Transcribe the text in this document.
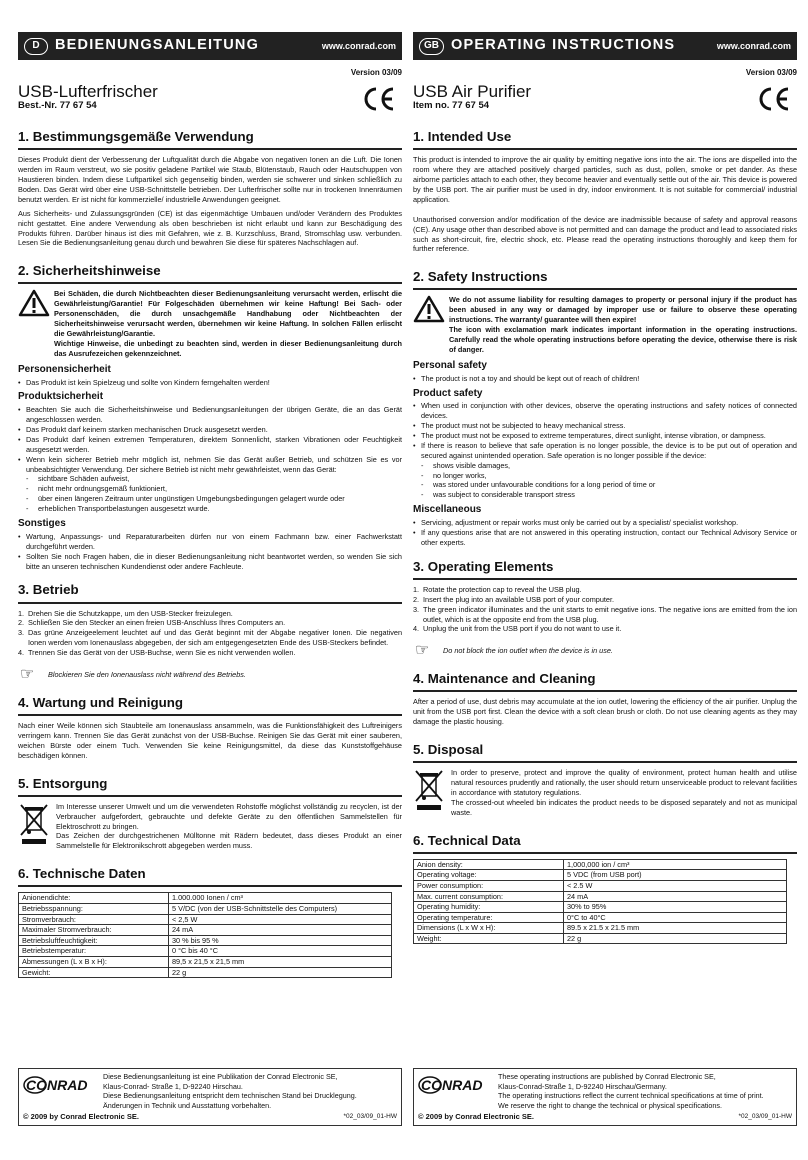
D	BEDIENUNGSANLEITUNG	www.conrad.com
Version 03/09
USB-Lufterfrischer
Best.-Nr. 77 67 54
1. Bestimmungsgemäße Verwendung

Dieses Produkt dient der Verbesserung der Luftqualität durch die Abgabe von negativen Ionen an die Luft. Die Ionen werden im Raum verstreut, wo sie positiv geladene Partikel wie Staub, Blütenstaub, Rauch oder Hautschuppen von Haustieren binden. Indem diese Luftpartikel sich gegenseitig binden, werden sie schwerer und sinken schließlich zu Boden. Das Gerät wird über eine USB-Schnittstelle betrieben. Der Lufterfrischer sollte nur in trockenen Innenräumen benutzt werden. Er ist nicht für kommerzielle/ industrielle Anwendungen geeignet.

Aus Sicherheits- und Zulassungsgründen (CE) ist das eigenmächtige Umbauen und/oder Verändern des Produktes nicht gestattet. Eine andere Verwendung als oben beschrieben ist nicht erlaubt und kann zur Beschädigung des Produkts führen. Darüber hinaus ist dies mit Gefahren, wie z. B. Kurzschluss, Brand, Stromschlag usw. verbunden. Lesen Sie die Bedienungsanleitung genau durch und bewahren Sie diese für späteres Nachschlagen auf.

2. Sicherheitshinweise
Bei Schäden, die durch Nichtbeachten dieser Bedienungsanleitung verursacht werden, erlischt die Gewährleistung/Garantie! Für Folgeschäden übernehmen wir keine Haftung! Bei Sach- oder Personenschäden, die durch unsachgemäße Handhabung oder Nichtbeachten der Sicherheitshinweise verursacht werden, übernehmen wir keine Haftung. In solchen Fällen erlischt die Gewährleistung/Garantie.
Wichtige Hinweise, die unbedingt zu beachten sind, werden in dieser Bedienungsanleitung durch das Ausrufezeichen gekennzeichnet.
Personensicherheit
• Das Produkt ist kein Spielzeug und sollte von Kindern ferngehalten werden!
Produktsicherheit
• Beachten Sie auch die Sicherheitshinweise und Bedienungsanleitungen der übrigen Geräte, die an das Gerät angeschlossen werden.
• Das Produkt darf keinem starken mechanischen Druck ausgesetzt werden.
• Das Produkt darf keinen extremen Temperaturen, direktem Sonnenlicht, starken Vibrationen oder Feuchtigkeit ausgesetzt werden.
• Wenn kein sicherer Betrieb mehr möglich ist, nehmen Sie das Gerät außer Betrieb, und schützen Sie es vor unbeabsichtigter Verwendung. Der sichere Betrieb ist nicht mehr gewährleistet, wenn das Gerät:
- sichtbare Schäden aufweist,
- nicht mehr ordnungsgemäß funktioniert,
- über einen längeren Zeitraum unter ungünstigen Umgebungsbedingungen gelagert wurde oder
- erheblichen Transportbelastungen ausgesetzt wurde.
Sonstiges
• Wartung, Anpassungs- und Reparaturarbeiten dürfen nur von einem Fachmann bzw. einer Fachwerkstatt durchgeführt werden.
• Sollten Sie noch Fragen haben, die in dieser Bedienungsanleitung nicht beantwortet werden, so wenden Sie sich bitte an unseren technischen Kundendienst oder andere Fachleute.
3. Betrieb
1. Drehen Sie die Schutzkappe, um den USB-Stecker freizulegen.
2. Schließen Sie den Stecker an einen freien USB-Anschluss Ihres Computers an.
3. Das grüne Anzeigeelement leuchtet auf und das Gerät beginnt mit der Abgabe negativer Ionen. Die negativen Ionen werden vom Ionenauslass abgegeben, der sich am entgegengesetzten Ende des USB-Steckers befindet.
4. Trennen Sie das Gerät von der USB-Buchse, wenn Sie es nicht verwenden wollen.
☞	Blockieren Sie den Ionenauslass nicht während des Betriebs.
4. Wartung und Reinigung

Nach einer Weile können sich Staubteile am Ionenauslass ansammeln, was die Funktionsfähigkeit des Luftreinigers verringern kann. Trennen Sie das Gerät zunächst von der USB-Buchse. Reinigen Sie das Gerät mit einer sauberen, weichen Bürste oder einem Tuch. Verwenden Sie keine Reinigungsmittel, da diese das Kunststoffgehäuse beschädigen können.

5. Entsorgung
Im Interesse unserer Umwelt und um die verwendeten Rohstoffe möglichst vollständig zu recyclen, ist der Verbraucher aufgefordert, gebrauchte und defekte Geräte zu den öffentlichen Sammelstellen für Elektroschrott zu bringen.
Das Zeichen der durchgestrichenen Mülltonne mit Rädern bedeutet, dass dieses Produkt an einer Sammelstelle für Elektronikschrott abgegeben werden muss.
6. Technische Daten
Anionendichte:	1.000.000 Ionen / cm³
Betriebsspannung:	5 V/DC (von der USB-Schnittstelle des Computers)
Stromverbrauch:	< 2,5 W
Maximaler Stromverbrauch:	24 mA
Betriebsluftfeuchtigkeit:	30 % bis 95 %
Betriebstemperatur:	0 °C bis 40 °C
Abmessungen (L x B x H):	89,5 x 21,5 x 21,5 mm
Gewicht:	22 g
CONRAD
Diese Bedienungsanleitung ist eine Publikation der Conrad Electronic SE,
Klaus-Conrad- Straße 1, D-92240 Hirschau.
Diese Bedienungsanleitung entspricht dem technischen Stand bei Drucklegung.
Änderungen in Technik und Ausstattung vorbehalten.
© 2009 by Conrad Electronic SE.	*02_03/09_01-HW
GB OPERATING INSTRUCTIONS	www.conrad.com
Version 03/09
USB Air Purifier
Item no. 77 67 54
1. Intended Use

This product is intended to improve the air quality by emitting negative ions into the air. The ions are dispelled into the room where they are attached positively charged particles, such as dust, pollen, smoke or pet dander. As these airborne particles attach to each other, they become heavier and eventually settle out of the air. This device is powered by the USB port. The air purifier must be used in dry, indoor environment. It is not suitable for commercial/ industrial application.

Unauthorised conversion and/or modification of the device are inadmissible because of safety and approval reasons (CE). Any usage other than described above is not permitted and can damage the product and lead to associated risks such as short-circuit, fire, electric shock, etc. Please read the operating instructions thoroughly and keep them for further reference.

2. Safety Instructions
We do not assume liability for resulting damages to property or personal injury if the product has been abused in any way or damaged by improper use or failure to observe these operating instructions. The warranty/ guarantee will then expire!
The icon with exclamation mark indicates important information in the operating instructions. Carefully read the whole operating instructions before operating the device, otherwise there is risk of danger.
Personal safety
• The product is not a toy and should be kept out of reach of children!
Product safety
• When used in conjunction with other devices, observe the operating instructions and safety notices of connected devices.
• The product must not be subjected to heavy mechanical stress.
• The product must not be exposed to extreme temperatures, direct sunlight, intense vibration, or dampness.
• If there is reason to believe that safe operation is no longer possible, the device is to be put out of operation and secured against unintended operation. Safe operation is no longer possible if the device:
- shows visible damages,
- no longer works,
- was stored under unfavourable conditions for a long period of time or
- was subject to considerable transport stress
Miscellaneous
• Servicing, adjustment or repair works must only be carried out by a specialist/ specialist workshop.
• If any questions arise that are not answered in this operating instruction, contact our Technical Advisory Service or other experts.
3. Operating Elements
1. Rotate the protection cap to reveal the USB plug.
2. Insert the plug into an available USB port of your computer.
3. The green indicator illuminates and the unit starts to emit negative ions. The negative ions are emitted from the ion outlet, which is at the opposite end from the USB plug.
4. Unplug the unit from the USB port if you do not want to use it.
☞	Do not block the ion outlet when the device is in use.
4. Maintenance and Cleaning

After a period of use, dust debris may accumulate at the ion outlet, lowering the efficiency of the air purifier. Unplug the unit from the USB port first. Clean the device with a soft clean brush or cloth. Do not use cleaning agents as they may damage the plastic housing.

5. Disposal
In order to preserve, protect and improve the quality of environment, protect human health and utilise natural resources prudently and rationally, the user should return unserviceable product to relevant facilities in accordance with statutory regulations.
The crossed-out wheeled bin indicates the product needs to be disposed separately and not as municipal waste.
6. Technical Data
Anion density:	1,000,000 ion / cm³
Operating voltage:	5 VDC (from USB port)
Power consumption:	< 2.5 W
Max. current consumption:	24 mA
Operating humidity:	30% to 95%
Operating temperature:	0°C to 40°C
Dimensions (L x W x H):	89.5 x 21.5 x 21.5 mm
Weight:	22 g
CONRAD
These operating instructions are published by Conrad Electronic SE,
Klaus-Conrad-Straße 1, D-92240 Hirschau/Germany.
The operating instructions reflect the current technical specifications at time of print.
We reserve the right to change the technical or physical specifications.
© 2009 by Conrad Electronic SE.	*02_03/09_01-HW
